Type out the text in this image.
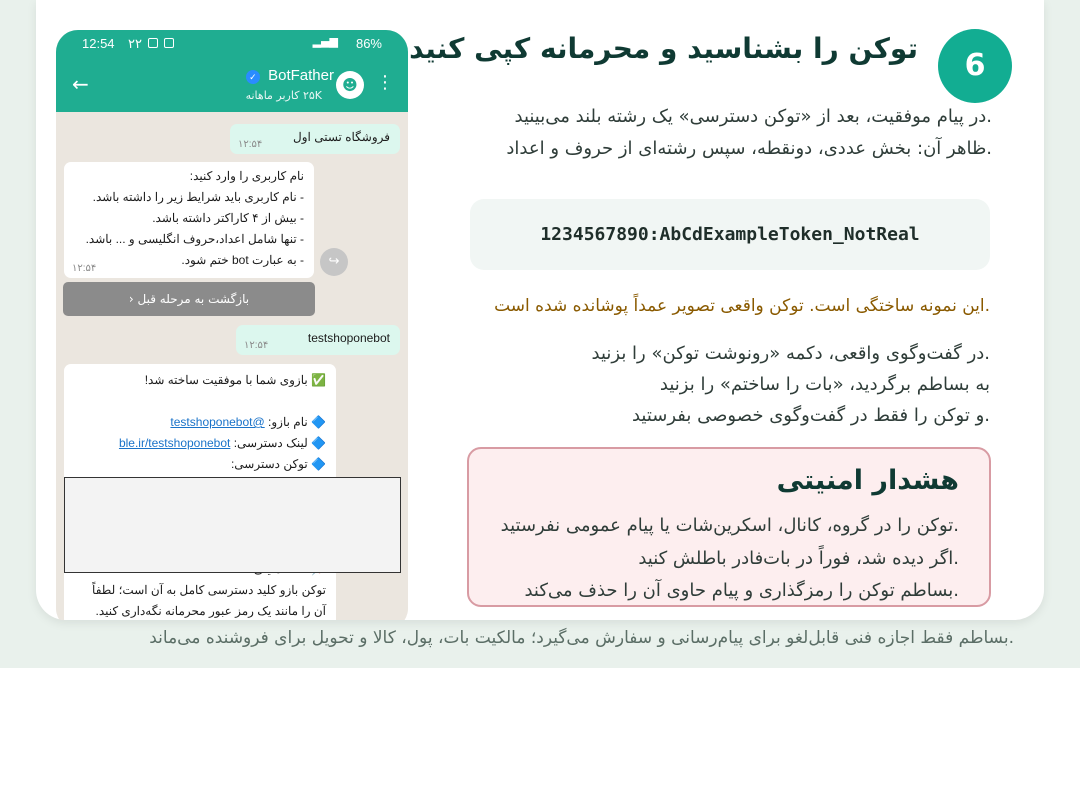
12:54 ۲۲	▂▄▆ 86%
←	BotFather ✓
۲۵K کاربر ماهانه
☻	⋮
فروشگاه تستی اول
۱۲:۵۴
نام کاربری را وارد کنید:
- نام کاربری باید شرایط زیر را داشته باشد.
- بیش از ۴ کاراکتر داشته باشد.
- تنها شامل اعداد،حروف انگلیسی و ... باشد.
- به عبارت bot ختم شود.
۱۲:۵۴	↪
بازگشت به مرحله قبل ‹
testshoponebot
۱۲:۵۴
✅ بازوی شما با موفقیت ساخته شد!

🔷 نام بازو: @testshoponebot
🔷 لینک دسترسی: ble.ir/testshoponebot
🔷 توکن دسترسی:
توکن بازو کلید دسترسی کامل به آن است؛ لطفاً
آن را مانند یک رمز عبور محرمانه نگه‌داری کنید.
6
توکن را بشناسید و محرمانه کپی کنید
.در پیام موفقیت، بعد از «توکن دسترسی» یک رشته بلند می‌بینید
.ظاهر آن: بخش عددی، دونقطه، سپس رشته‌ای از حروف و اعداد
1234567890:AbCdExampleToken_NotReal
.این نمونه ساختگی است. توکن واقعی تصویر عمداً پوشانده شده است
.در گفت‌وگوی واقعی، دکمه «رونوشت توکن» را بزنید
به بساطم برگردید، «بات را ساختم» را بزنید
.و توکن را فقط در گفت‌وگوی خصوصی بفرستید
هشدار امنیتی
.توکن را در گروه، کانال، اسکرین‌شات یا پیام عمومی نفرستید
.اگر دیده شد، فوراً در بات‌فادر باطلش کنید
.بساطم توکن را رمزگذاری و پیام حاوی آن را حذف می‌کند
.بساطم فقط اجازه فنی قابل‌لغو برای پیام‌رسانی و سفارش می‌گیرد؛ مالکیت بات، پول، کالا و تحویل برای فروشنده می‌ماند
